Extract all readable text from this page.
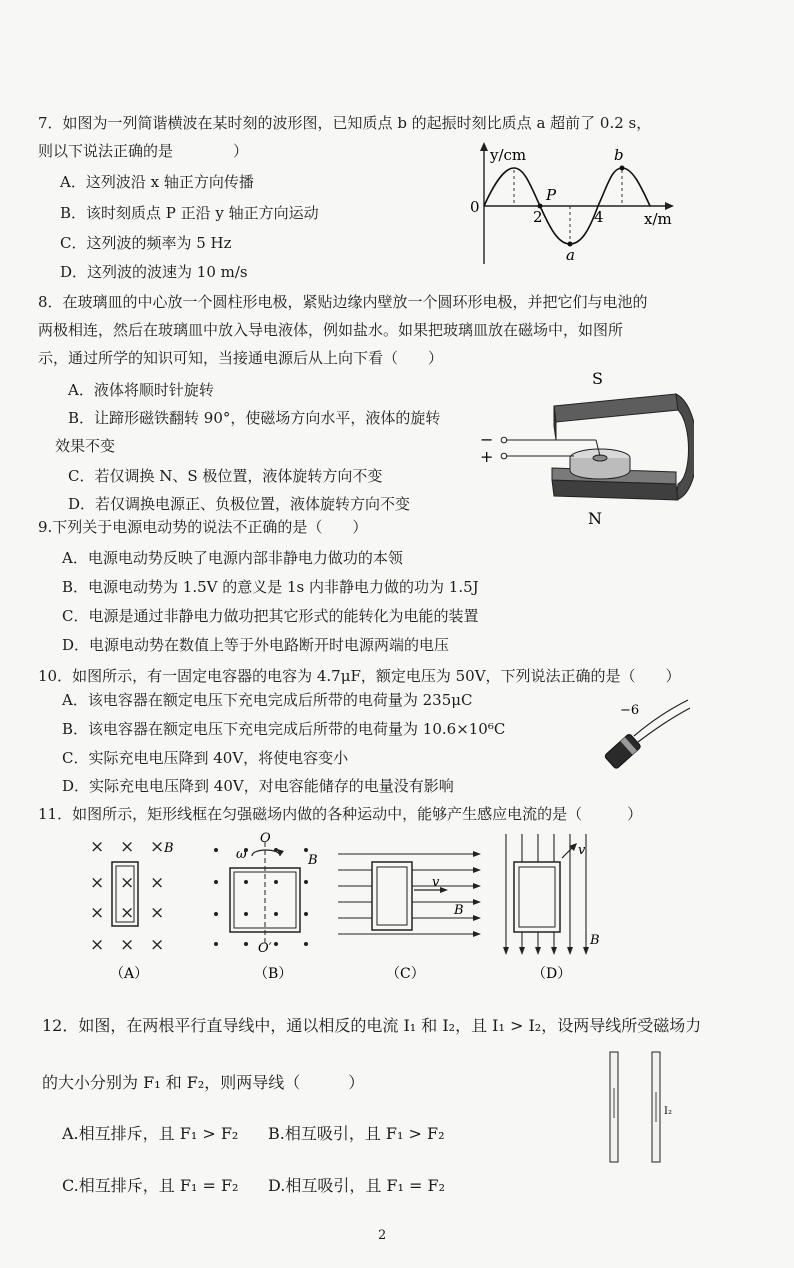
7．如图为一列简谐横波在某时刻的波形图，已知质点 b 的起振时刻比质点 a 超前了 0.2 s，
则以下说法正确的是　　　　）
A．这列波沿 x 轴正方向传播
B．该时刻质点 P 正沿 y 轴正方向运动
C．这列波的频率为 5 Hz
D．这列波的波速为 10 m/s
y/cm
x/m
0
2	4
P
a
b
8．在玻璃皿的中心放一个圆柱形电极，紧贴边缘内壁放一个圆环形电极，并把它们与电池的
两极相连，然后在玻璃皿中放入导电液体，例如盐水。如果把玻璃皿放在磁场中，如图所
示，通过所学的知识可知，当接通电源后从上向下看（　　）
A．液体将顺时针旋转
B．让蹄形磁铁翻转 90°，使磁场方向水平，液体的旋转
效果不变
C．若仅调换 N、S 极位置，液体旋转方向不变
D．若仅调换电源正、负极位置，液体旋转方向不变
−
+
S
N
9.下列关于电源电动势的说法不正确的是（　　）
A．电源电动势反映了电源内部非静电力做功的本领
B．电源电动势为 1.5V 的意义是 1s 内非静电力做的功为 1.5J
C．电源是通过非静电力做功把其它形式的能转化为电能的装置
D．电源电动势在数值上等于外电路断开时电源两端的电压
10．如图所示，有一固定电容器的电容为 4.7μF，额定电压为 50V，下列说法正确的是（　　）
A．该电容器在额定电压下充电完成后所带的电荷量为 235μC
B．该电容器在额定电压下充电完成后所带的电荷量为 10.6×10⁶C
C．实际充电电压降到 40V，将使电容变小
D．实际充电电压降到 40V，对电容能储存的电量没有影响
−6
11．如图所示，矩形线框在匀强磁场内做的各种运动中，能够产生感应电流的是（　　　）
× × ×
× × ×
× × ×
× × ×
B
（A）
O
O′
ω	B
（B）
v
B
（C）
v
B
（D）
12．如图，在两根平行直导线中，通以相反的电流 I₁ 和 I₂，且 I₁ > I₂，设两导线所受磁场力
的大小分别为 F₁ 和 F₂，则两导线（　　　）
A.相互排斥，且 F₁ > F₂ B.相互吸引，且 F₁ > F₂
C.相互排斥，且 F₁ = F₂ D.相互吸引，且 F₁ = F₂
I₂
2
